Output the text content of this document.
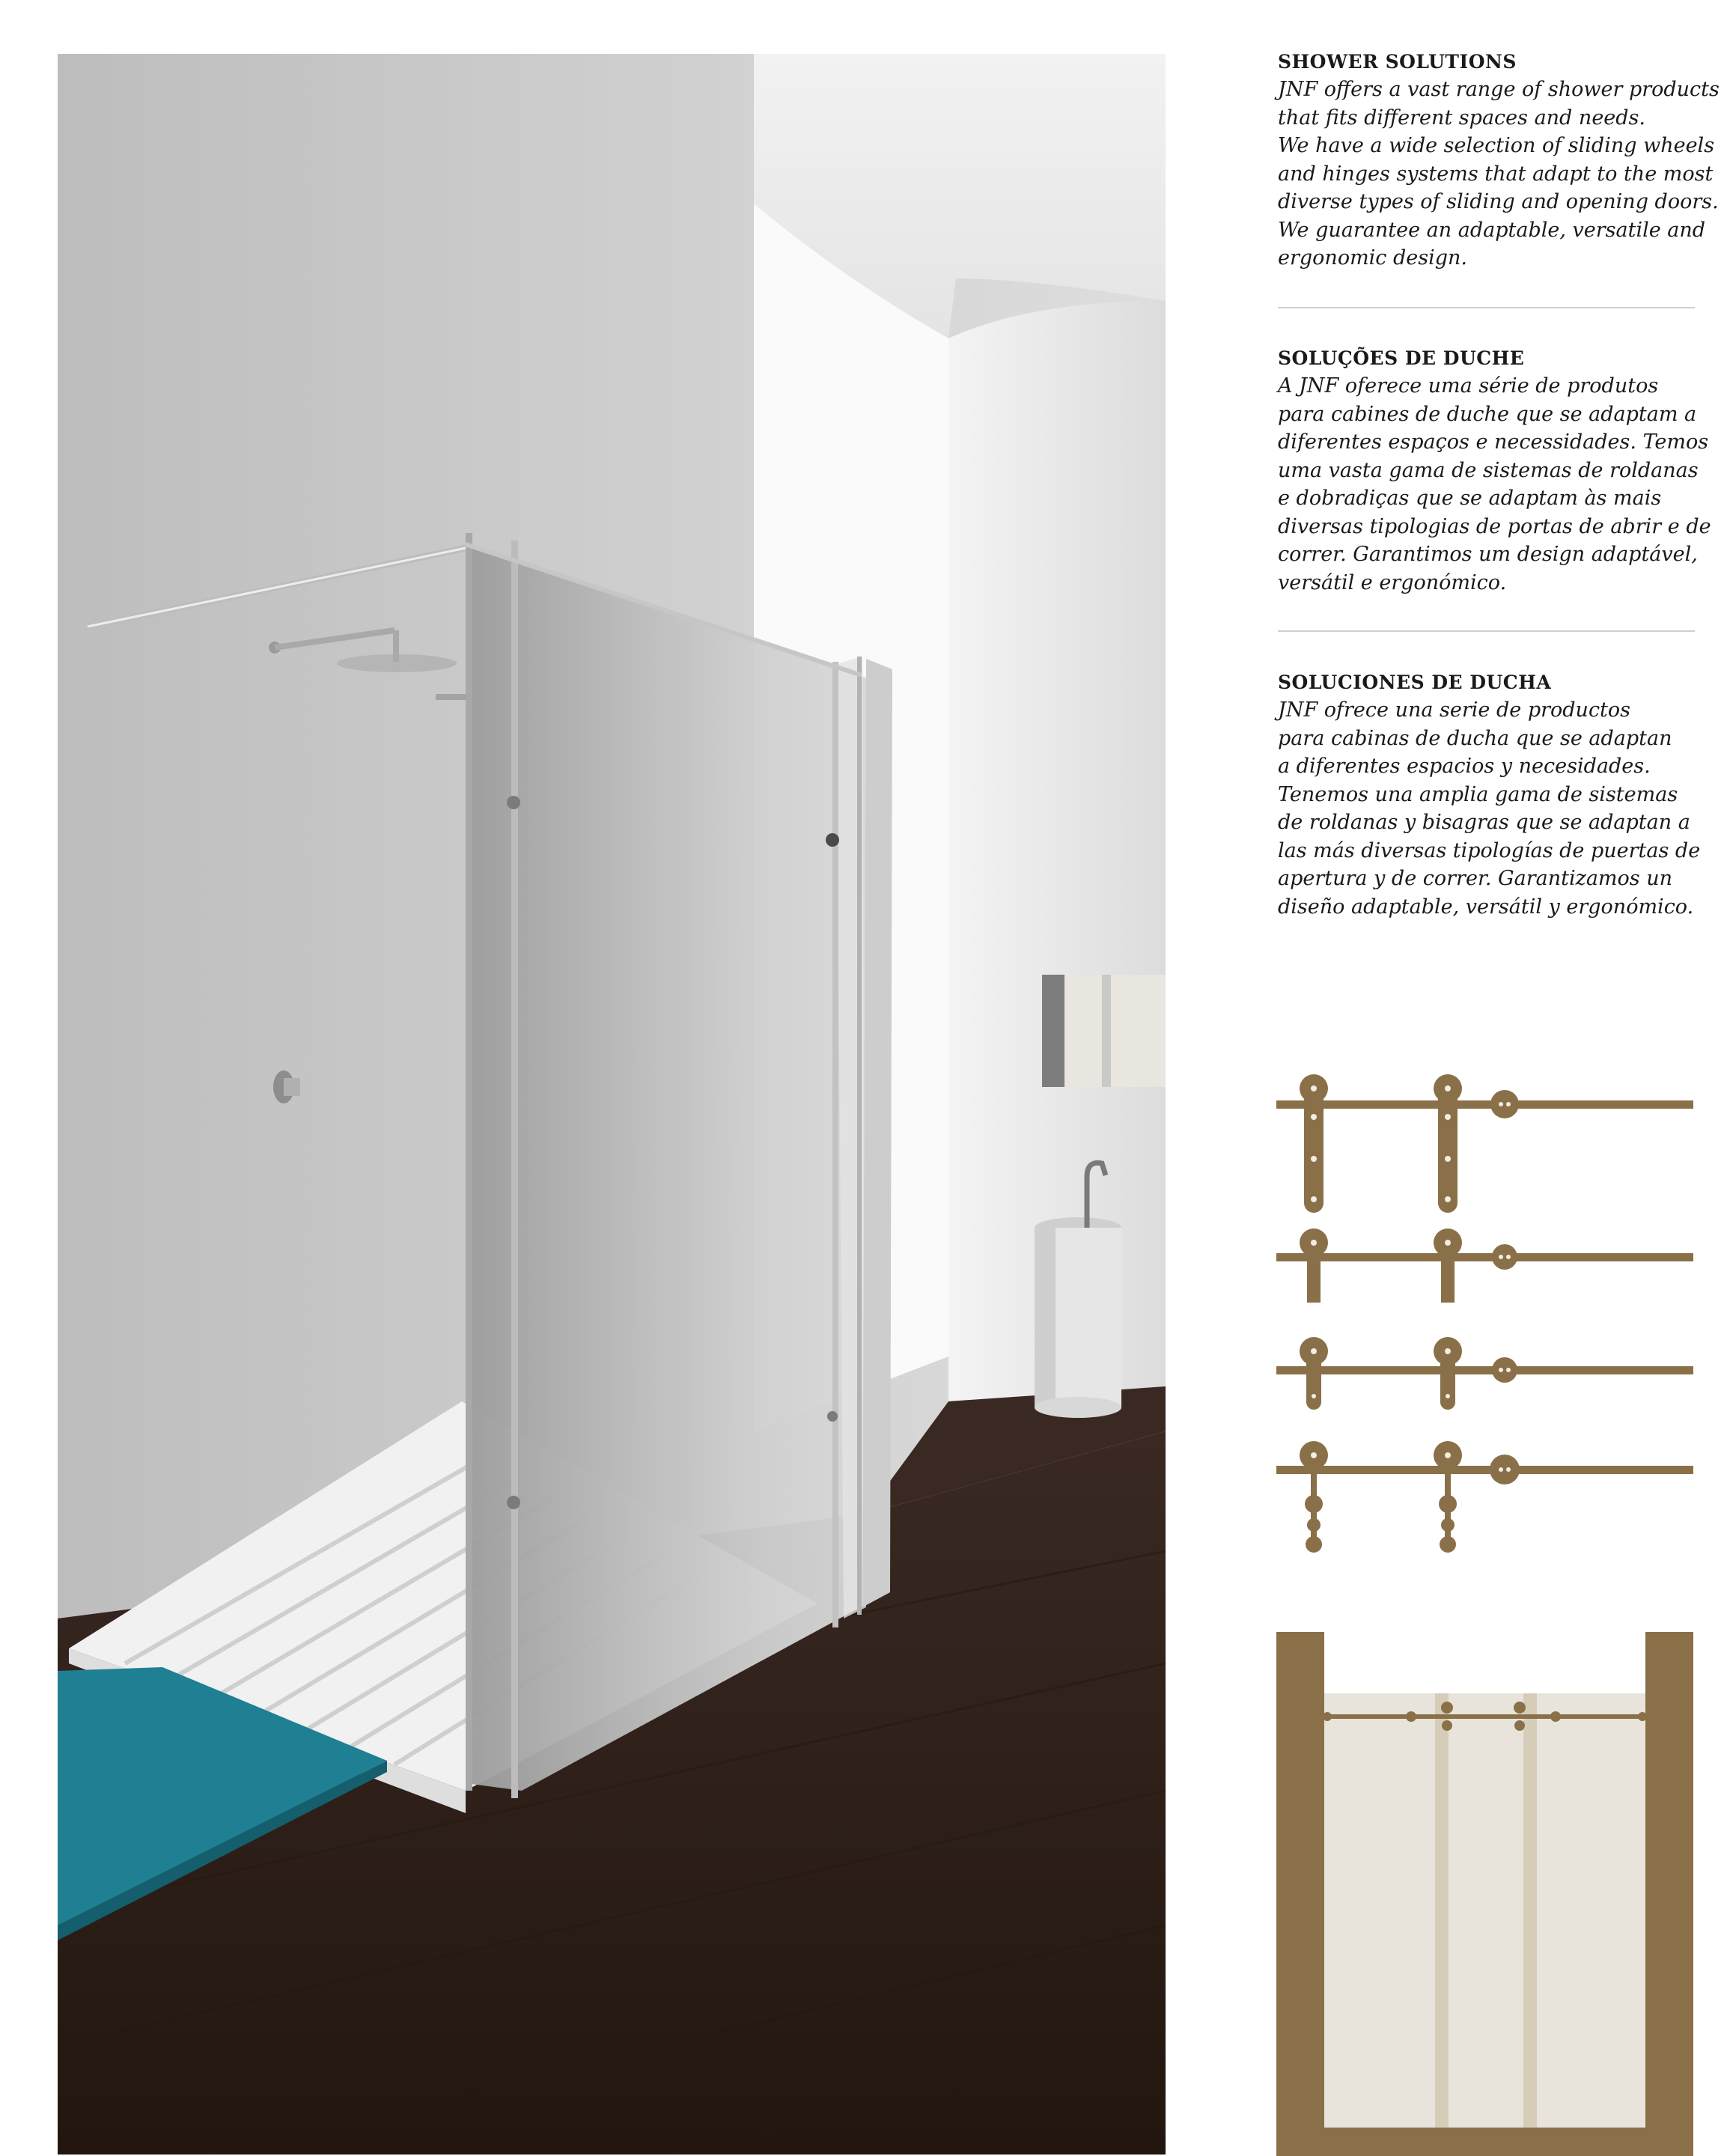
SHOWER SOLUTIONS
JNF offers a vast range of shower products
that fits different spaces and needs.
We have a wide selection of sliding wheels
and hinges systems that adapt to the most
diverse types of sliding and opening doors.
We guarantee an adaptable, versatile and
ergonomic design.
SOLUÇÕES DE DUCHE
A JNF oferece uma série de produtos
para cabines de duche que se adaptam a
diferentes espaços e necessidades. Temos
uma vasta gama de sistemas de roldanas
e dobradiças que se adaptam às mais
diversas tipologias de portas de abrir e de
correr. Garantimos um design adaptável,
versátil e ergonómico.
SOLUCIONES DE DUCHA
JNF ofrece una serie de productos
para cabinas de ducha que se adaptan
a diferentes espacios y necesidades.
Tenemos una amplia gama de sistemas
de roldanas y bisagras que se adaptan a
las más diversas tipologías de puertas de
apertura y de correr. Garantizamos un
diseño adaptable, versátil y ergonómico.
